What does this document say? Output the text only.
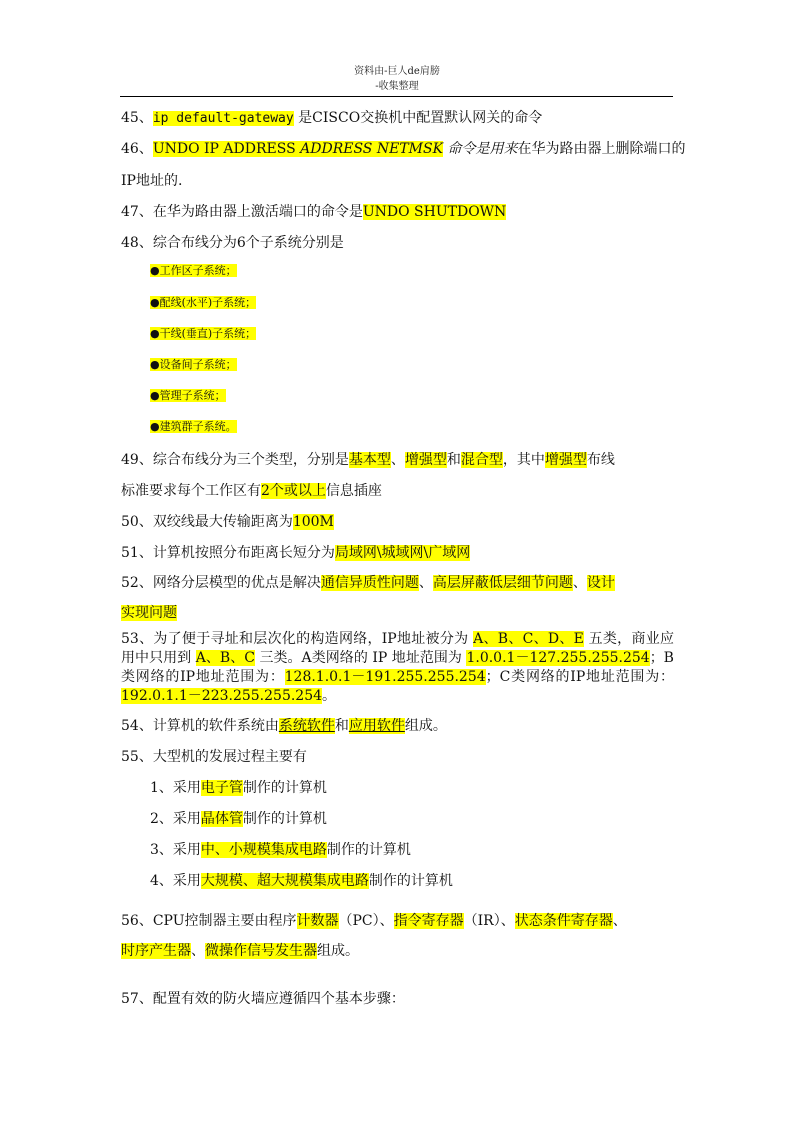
资料由-巨人de肩膀
-收集整理
45、ip default-gateway 是CISCO交换机中配置默认网关的命令
46、UNDO IP ADDRESS ADDRESS NETMSK 命令是用来在华为路由器上删除端口的
IP地址的.
47、在华为路由器上激活端口的命令是UNDO SHUTDOWN
48、综合布线分为6个子系统分别是
●工作区子系统；
●配线(水平)子系统；
●干线(垂直)子系统；
●设备间子系统；
●管理子系统；
●建筑群子系统。
49、综合布线分为三个类型，分别是基本型、增强型和混合型，其中增强型布线
标准要求每个工作区有2个或以上信息插座
50、双绞线最大传输距离为100M
51、计算机按照分布距离长短分为局域网\城域网\广域网
52、网络分层模型的优点是解决通信异质性问题、高层屏蔽低层细节问题、设计
实现问题
53、为了便于寻址和层次化的构造网络，IP地址被分为 A、B、C、D、E 五类，商业应用中只用到 A、B、C 三类。A类网络的 IP 地址范围为 1.0.0.1－127.255.255.254；B类网络的IP地址范围为：128.1.0.1－191.255.255.254；C类网络的IP地址范围为：192.0.1.1－223.255.255.254。
54、计算机的软件系统由系统软件和应用软件组成。
55、大型机的发展过程主要有
1、采用电子管制作的计算机
2、采用晶体管制作的计算机
3、采用中、小规模集成电路制作的计算机
4、采用大规模、超大规模集成电路制作的计算机
56、CPU控制器主要由程序计数器（PC）、指令寄存器（IR）、状态条件寄存器、
时序产生器、微操作信号发生器组成。
57、配置有效的防火墙应遵循四个基本步骤：
